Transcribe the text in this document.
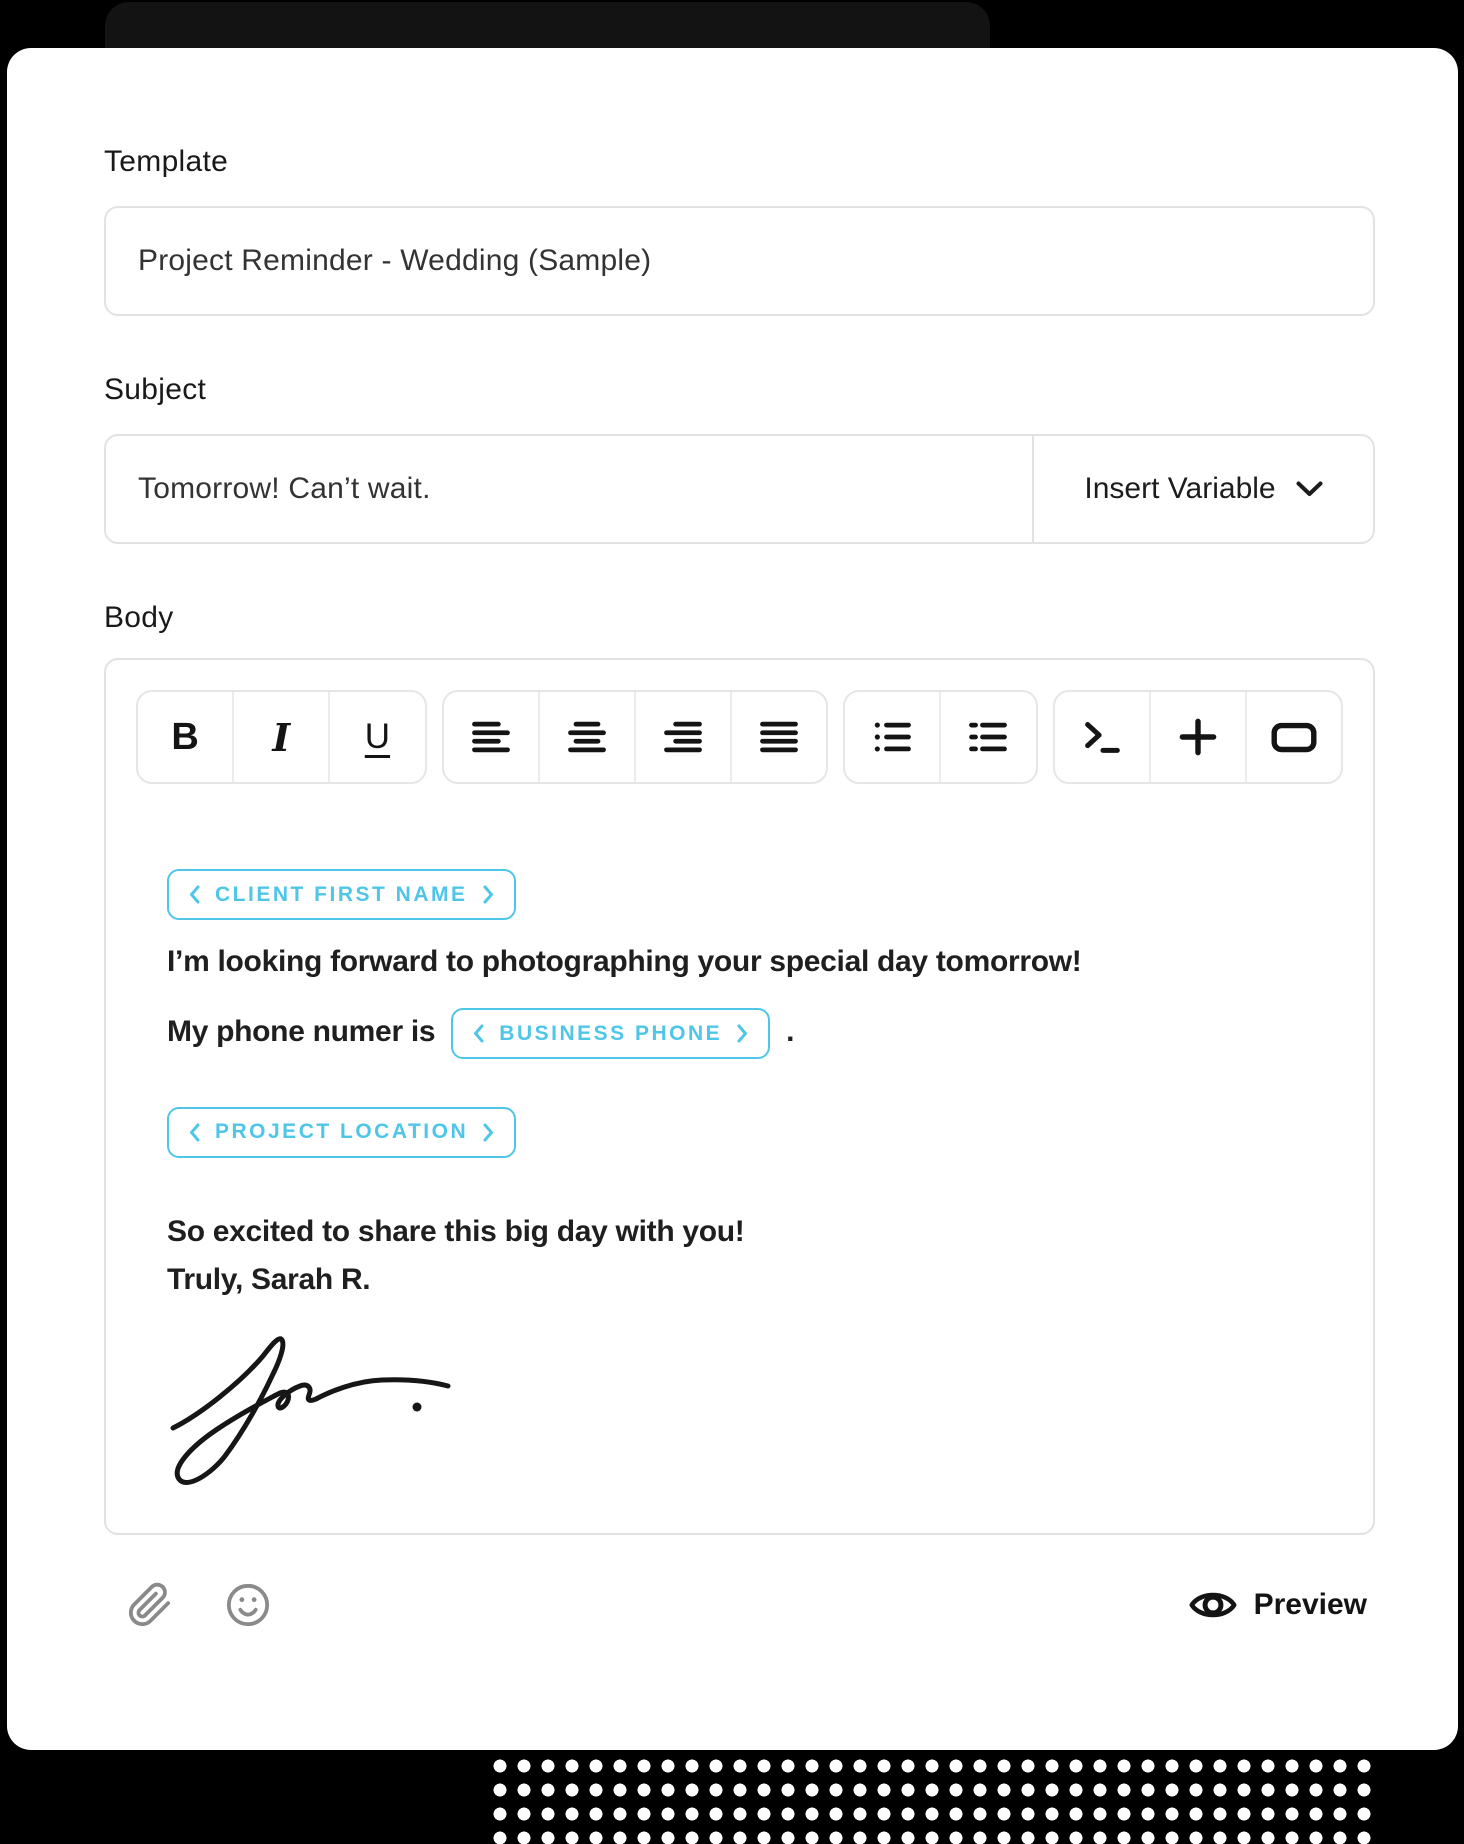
Template
Project Reminder - Wedding (Sample)
Subject
Tomorrow! Can’t wait.	Insert Variable
Body
B	I	U
CLIENT FIRST NAME
I’m looking forward to photographing your special day tomorrow!
My phone numer is	BUSINESS PHONE .
PROJECT LOCATION
So excited to share this big day with you!
Truly, Sarah R.
Preview
